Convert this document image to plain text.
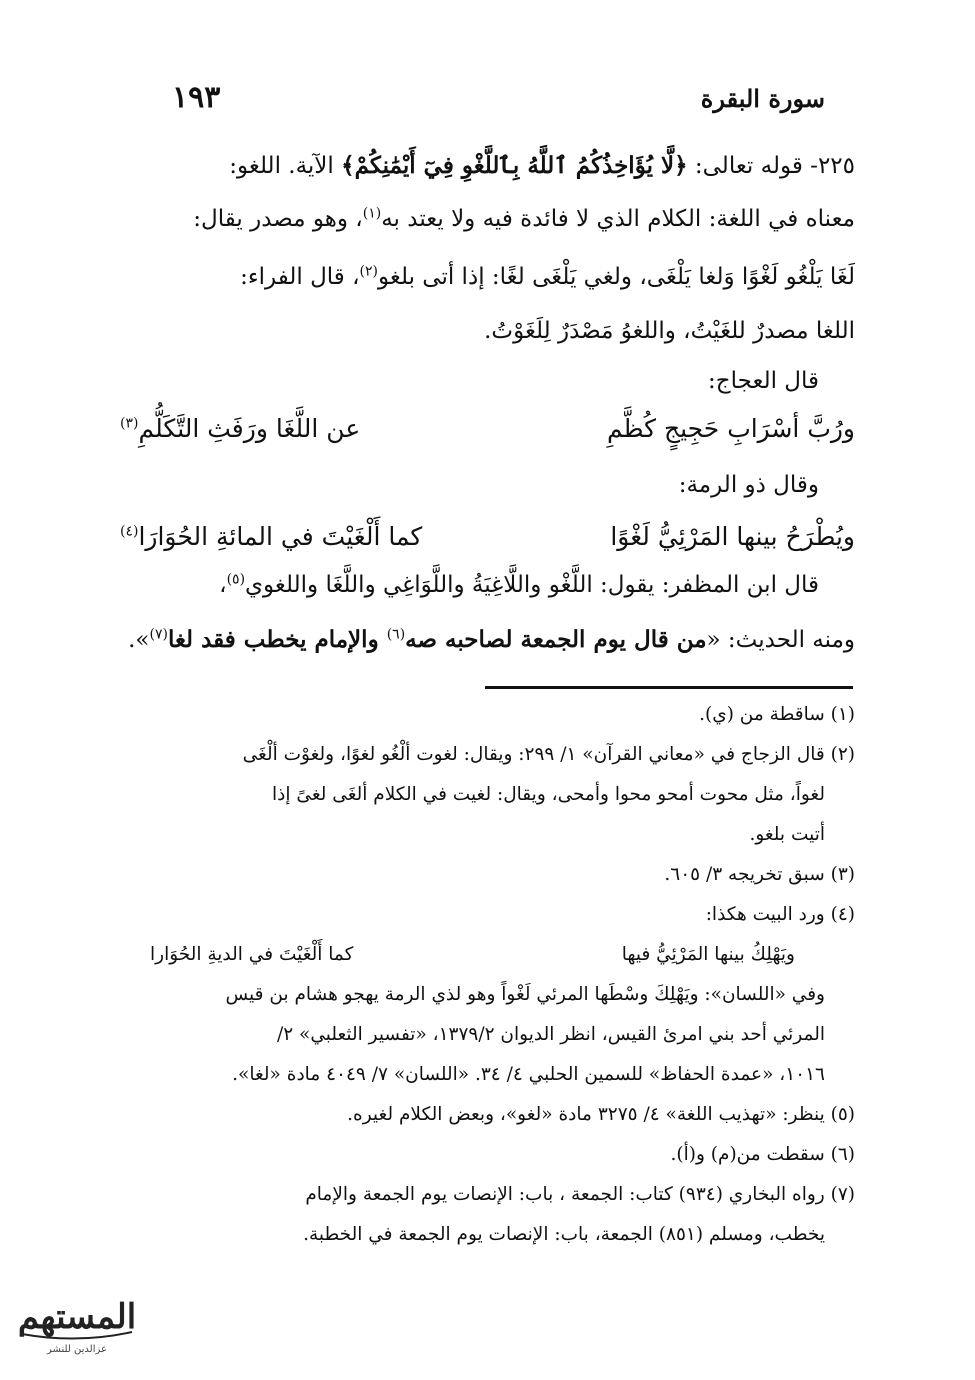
سورة البقرة
١٩٣
٢٢٥- قوله تعالى: ﴿لَّا يُؤَاخِذُكُمُ ٱللَّهُ بِٱللَّغْوِ فِيٓ أَيْمَٰنِكُمْ﴾ الآية. اللغو:
معناه في اللغة: الكلام الذي لا فائدة فيه ولا يعتد به$^{(١)}$، وهو مصدر يقال:
لَغَا يَلْغُو لَغْوًا وَلغا يَلْغَى، ولغي يَلْغَى لغًا: إذا أتى بلغو$^{(٢)}$، قال الفراء:
اللغا مصدرٌ للغَيْتُ، واللغوُ مَصْدَرٌ لِلَغَوْتُ.
قال العجاج:
ورُبَّ أسْرَابِ حَجِيجٍ كُظَّمِ
عن اللَّغَا ورَفَثِ التَّكَلُّمِ$^{(٣)}$
وقال ذو الرمة:
ويُطْرَحُ بينها المَرْئِيُّ لَغْوًا
كما أَلْغَيْتَ في المائةِ الحُوَارَا$^{(٤)}$
قال ابن المظفر: يقول: اللَّغْو واللَّاغِيَةُ واللَّوَاغِي واللَّغَا واللغوي$^{(٥)}$،
ومنه الحديث: «من قال يوم الجمعة لصاحبه صه$^{(٦)}$ والإمام يخطب فقد لغا$^{(٧)}$».
(١) ساقطة من (ي).
(٢) قال الزجاج في «معاني القرآن» ١/ ٢٩٩: ويقال: لغوت ألْغُو لغوًا، ولغوْت ألْغَى
لغواً، مثل محوت أمحو محوا وأمحى، ويقال: لغيت في الكلام ألغَى لغىً إذا
أتيت بلغو.
(٣) سبق تخريجه ٣/ ٦٠٥.
(٤) ورد البيت هكذا:
ويَهْلِكُ بينها المَرْئِيُّ فيها
كما أَلْغَيْتَ في الديةِ الحُوَارا
وفي «اللسان»: ويَهْلِكَ وسْطَها المرئي لَغْواً وهو لذي الرمة يهجو هشام بن قيس
المرئي أحد بني امرئ القيس، انظر الديوان ١٣٧٩/٢، «تفسير الثعلبي» ٢/
١٠١٦، «عمدة الحفاظ» للسمين الحلبي ٤/ ٣٤. «اللسان» ٧/ ٤٠٤٩ مادة «لغا».
(٥) ينظر: «تهذيب اللغة» ٤/ ٣٢٧٥ مادة «لغو»، وبعض الكلام لغيره.
(٦) سقطت من(م) و(أ).
(٧) رواه البخاري (٩٣٤) كتاب: الجمعة ، باب: الإنصات يوم الجمعة والإمام
يخطب، ومسلم (٨٥١) الجمعة، باب: الإنصات يوم الجمعة في الخطبة.
المستهم
عزالدين للنشر
